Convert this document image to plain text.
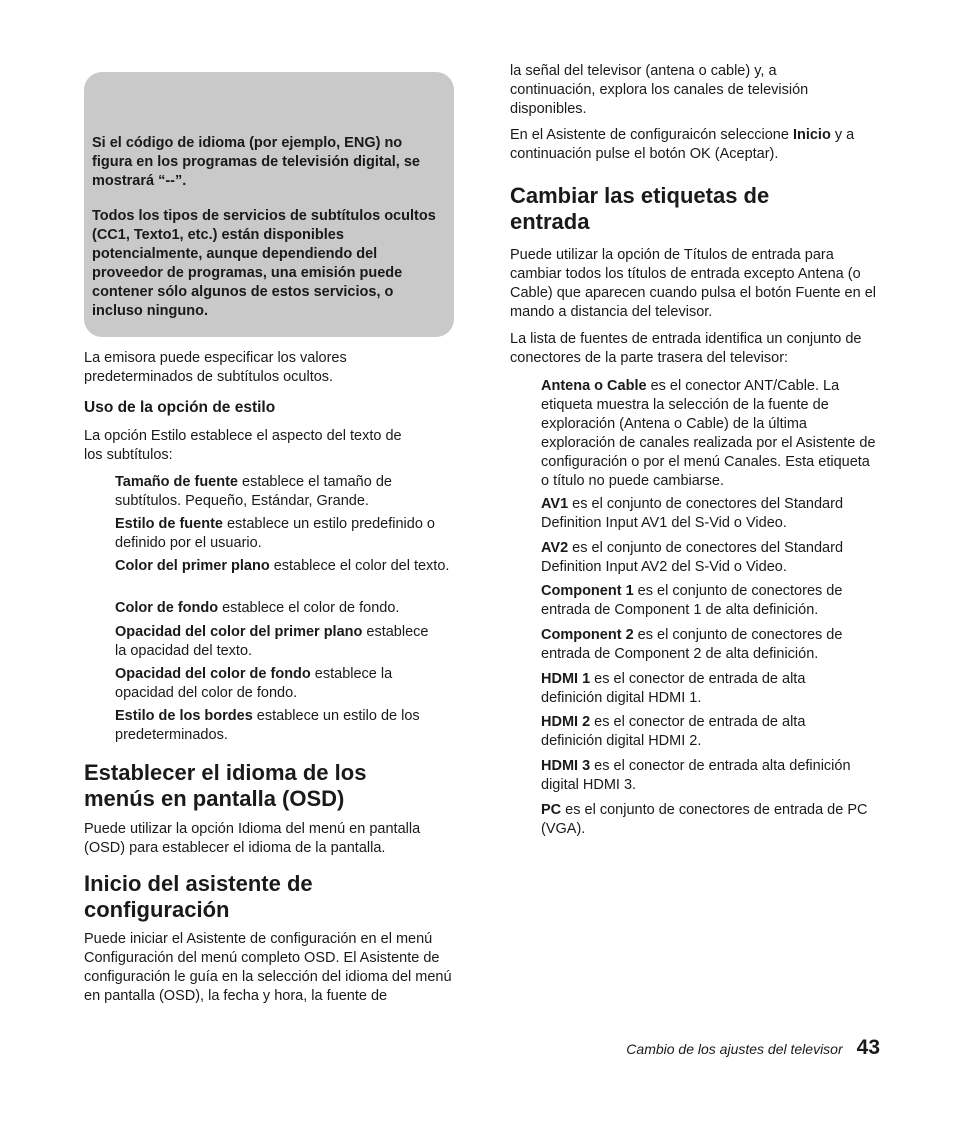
Si el código de idioma (por ejemplo, ENG) no figura en los programas de televisión digital, se mostrará “--”.

Todos los tipos de servicios de subtítulos ocultos (CC1, Texto1, etc.) están disponibles potencialmente, aunque dependiendo del proveedor de programas, una emisión puede contener sólo algunos de estos servicios, o incluso ninguno.

La emisora puede especificar los valores predeterminados de subtítulos ocultos.

Uso de la opción de estilo

La opción Estilo establece el aspecto del texto de los subtítulos:

Tamaño de fuente establece el tamaño de subtítulos. Pequeño, Estándar, Grande.
Estilo de fuente establece un estilo predefinido o definido por el usuario.
Color del primer plano establece el color del texto.
Color de fondo establece el color de fondo.
Opacidad del color del primer plano establece la opacidad del texto.
Opacidad del color de fondo establece la opacidad del color de fondo.
Estilo de los bordes establece un estilo de los predeterminados.
Establecer el idioma de los menús en pantalla (OSD)

Puede utilizar la opción Idioma del menú en pantalla (OSD) para establecer el idioma de la pantalla.

Inicio del asistente de configuración

Puede iniciar el Asistente de configuración en el menú Configuración del menú completo OSD. El Asistente de configuración le guía en la selección del idioma del menú en pantalla (OSD), la fecha y hora, la fuente de

la señal del televisor (antena o cable) y, a continuación, explora los canales de televisión disponibles.

En el Asistente de configuraicón seleccione Inicio y a continuación pulse el botón OK (Aceptar).

Cambiar las etiquetas de entrada

Puede utilizar la opción de Títulos de entrada para cambiar todos los títulos de entrada excepto Antena (o Cable) que aparecen cuando pulsa el botón Fuente en el mando a distancia del televisor.

La lista de fuentes de entrada identifica un conjunto de conectores de la parte trasera del televisor:

Antena o Cable es el conector ANT/Cable. La etiqueta muestra la selección de la fuente de exploración (Antena o Cable) de la última exploración de canales realizada por el Asistente de configuración o por el menú Canales. Esta etiqueta o título no puede cambiarse.
AV1 es el conjunto de conectores del Standard Definition Input AV1 del S-Vid o Video.
AV2 es el conjunto de conectores del Standard Definition Input AV2 del S-Vid o Video.
Component 1 es el conjunto de conectores de entrada de Component 1 de alta definición.
Component 2 es el conjunto de conectores de entrada de Component 2 de alta definición.
HDMI 1 es el conector de entrada de alta definición digital HDMI 1.
HDMI 2 es el conector de entrada de alta definición digital HDMI 2.
HDMI 3 es el conector de entrada alta definición digital HDMI 3.
PC es el conjunto de conectores de entrada de PC (VGA).
Cambio de los ajustes del televisor 43
